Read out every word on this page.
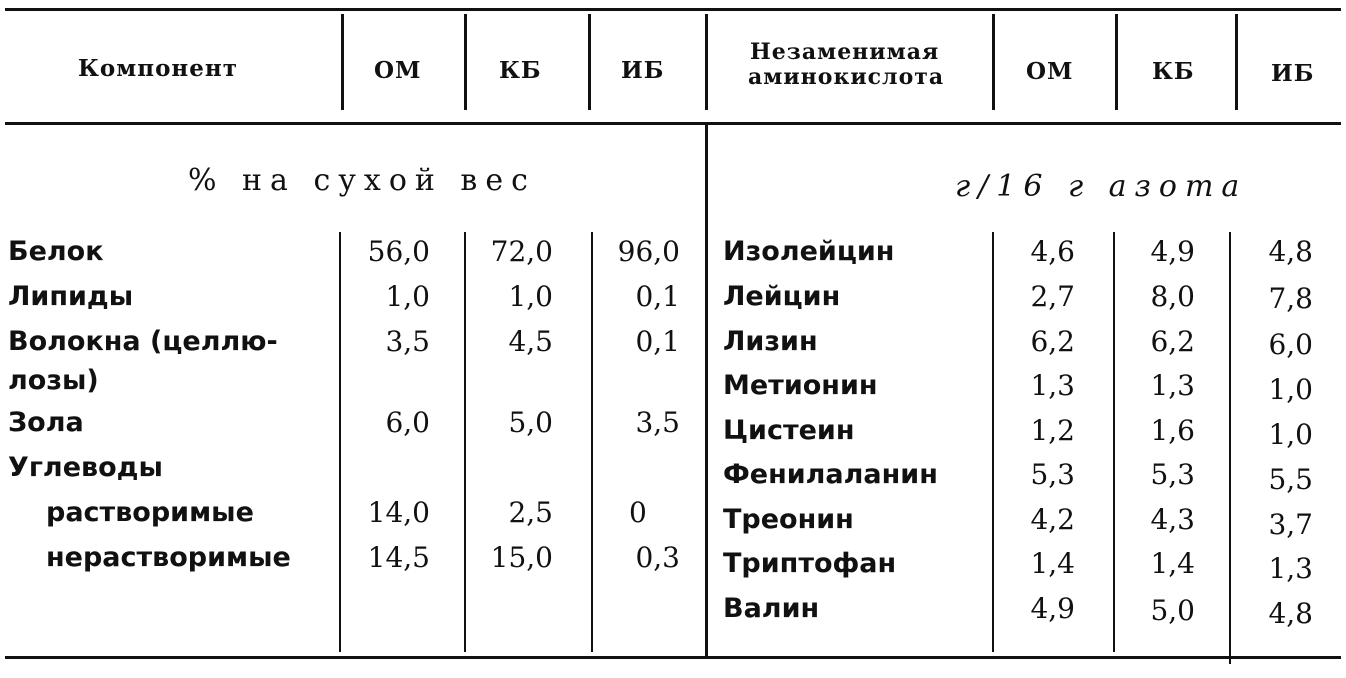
Компонент	ОМ	КБ	ИБ
Незаменимая
аминокислота	ОМ	КБ	ИБ
% на сухой вес	г/16 г азота
Белок	56,0	72,0	96,0
Липиды	1,0	1,0	0,1
Волокна (целлю-	3,5	4,5	0,1
лозы)
Зола	6,0	5,0	3,5
Углеводы
растворимые	14,0	2,5	0
нерастворимые	14,5	15,0	0,3
Изолейцин	4,6	4,9	4,8
Лейцин	2,7	8,0	7,8
Лизин	6,2	6,2	6,0
Метионин	1,3	1,3	1,0
Цистеин	1,2	1,6	1,0
Фенилаланин	5,3	5,3	5,5
Треонин	4,2	4,3	3,7
Триптофан	1,4	1,4	1,3
Валин	4,9	5,0	4,8
